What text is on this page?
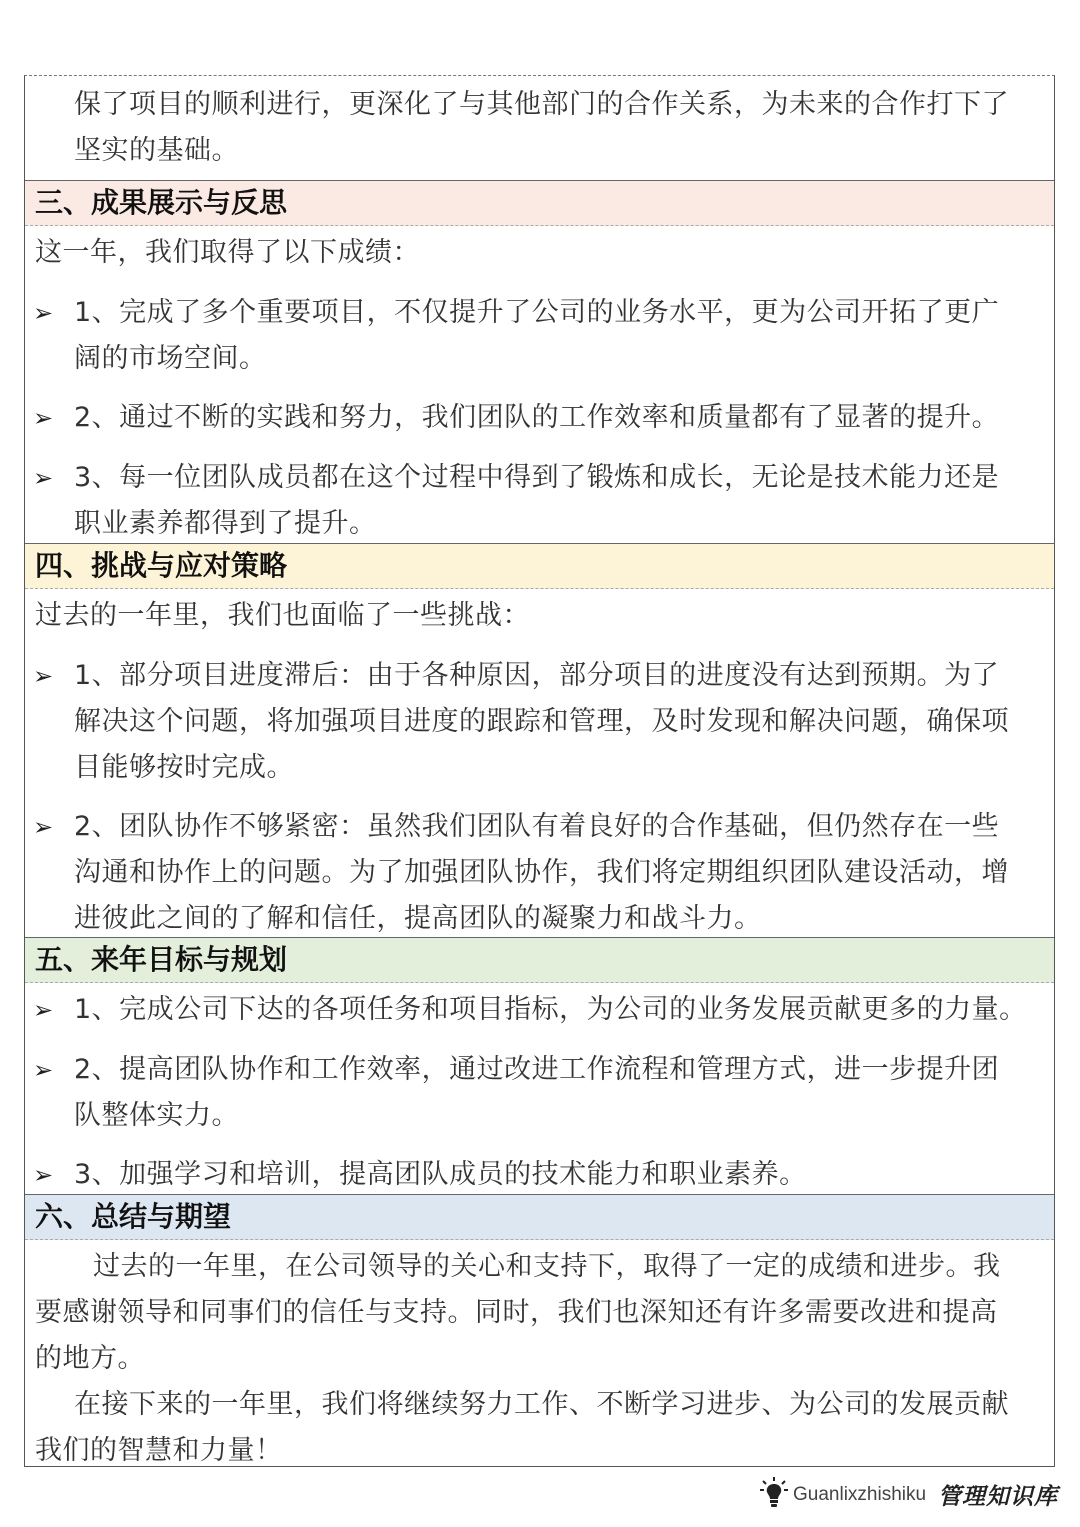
保了项目的顺利进行，更深化了与其他部门的合作关系，为未来的合作打下了
坚实的基础。
三、成果展示与反思
这一年，我们取得了以下成绩：
➢ 1、完成了多个重要项目，不仅提升了公司的业务水平，更为公司开拓了更广
阔的市场空间。
➢ 2、通过不断的实践和努力，我们团队的工作效率和质量都有了显著的提升。
➢ 3、每一位团队成员都在这个过程中得到了锻炼和成长，无论是技术能力还是
职业素养都得到了提升。
四、挑战与应对策略
过去的一年里，我们也面临了一些挑战：
➢ 1、部分项目进度滞后：由于各种原因，部分项目的进度没有达到预期。为了
解决这个问题，将加强项目进度的跟踪和管理，及时发现和解决问题，确保项
目能够按时完成。
➢ 2、团队协作不够紧密：虽然我们团队有着良好的合作基础，但仍然存在一些
沟通和协作上的问题。为了加强团队协作，我们将定期组织团队建设活动，增
进彼此之间的了解和信任，提高团队的凝聚力和战斗力。
五、来年目标与规划
➢ 1、完成公司下达的各项任务和项目指标，为公司的业务发展贡献更多的力量。
➢ 2、提高团队协作和工作效率，通过改进工作流程和管理方式，进一步提升团
队整体实力。
➢ 3、加强学习和培训，提高团队成员的技术能力和职业素养。
六、总结与期望
过去的一年里，在公司领导的关心和支持下，取得了一定的成绩和进步。我
要感谢领导和同事们的信任与支持。同时，我们也深知还有许多需要改进和提高
的地方。
在接下来的一年里，我们将继续努力工作、不断学习进步、为公司的发展贡献
我们的智慧和力量！
Guanlixzhishiku 管理知识库
